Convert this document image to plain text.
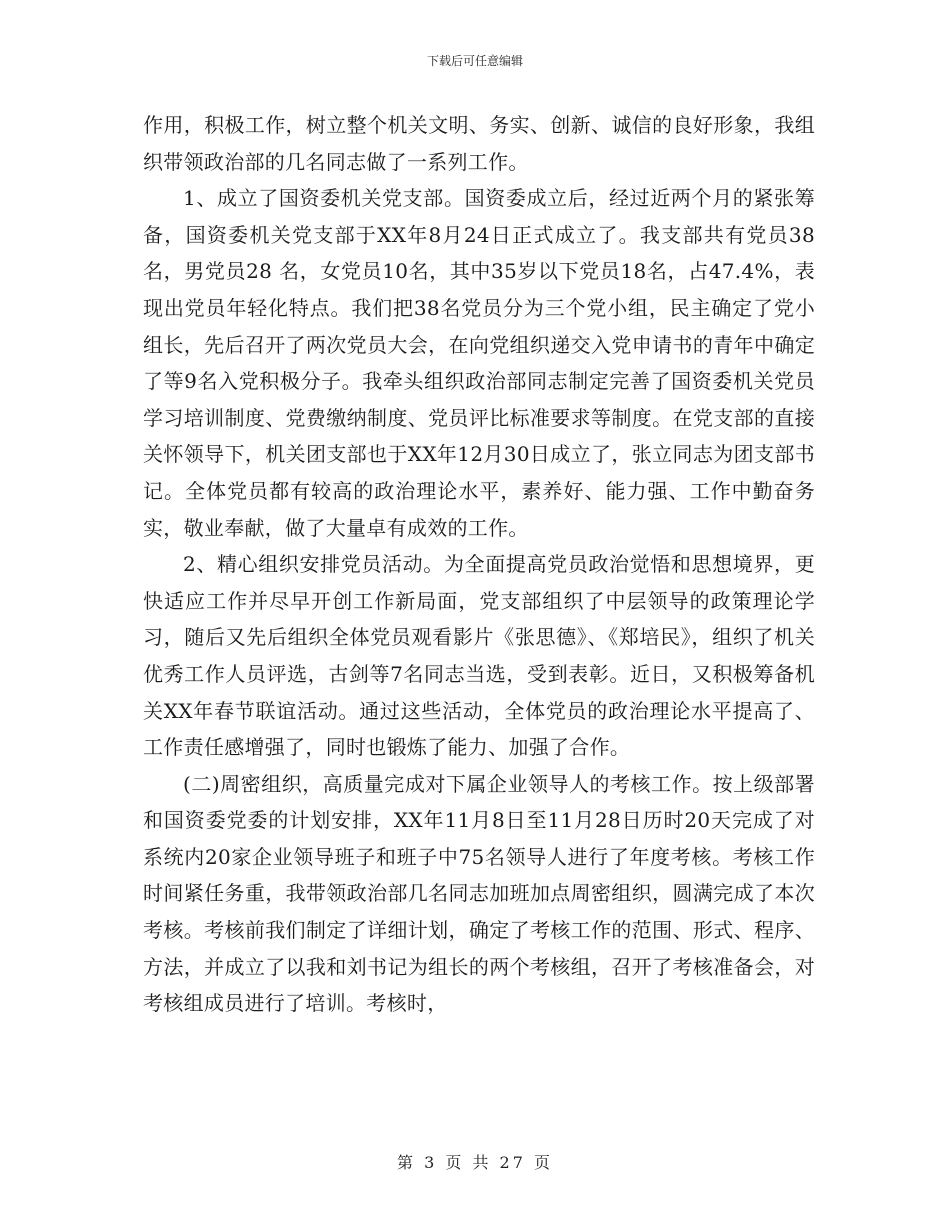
下载后可任意编辑

作用，积极工作，树立整个机关文明、务实、创新、诚信的良好形象，我组织带领政治部的几名同志做了一系列工作。

1、成立了国资委机关党支部。国资委成立后，经过近两个月的紧张筹备，国资委机关党支部于XX年8月24日正式成立了。我支部共有党员38名，男党员28 名，女党员10名，其中35岁以下党员18名，占47.4%，表现出党员年轻化特点。我们把38名党员分为三个党小组，民主确定了党小组长，先后召开了两次党员大会，在向党组织递交入党申请书的青年中确定了等9名入党积极分子。我牵头组织政治部同志制定完善了国资委机关党员学习培训制度、党费缴纳制度、党员评比标准要求等制度。在党支部的直接关怀领导下，机关团支部也于XX年12月30日成立了，张立同志为团支部书记。全体党员都有较高的政治理论水平，素养好、能力强、工作中勤奋务实，敬业奉献，做了大量卓有成效的工作。

2、精心组织安排党员活动。为全面提高党员政治觉悟和思想境界，更快适应工作并尽早开创工作新局面，党支部组织了中层领导的政策理论学习，随后又先后组织全体党员观看影片《张思德》、《郑培民》，组织了机关优秀工作人员评选，古剑等7名同志当选，受到表彰。近日，又积极筹备机关XX年春节联谊活动。通过这些活动，全体党员的政治理论水平提高了、工作责任感增强了，同时也锻炼了能力、加强了合作。

(二)周密组织，高质量完成对下属企业领导人的考核工作。按上级部署和国资委党委的计划安排，XX年11月8日至11月28日历时20天完成了对系统内20家企业领导班子和班子中75名领导人进行了年度考核。考核工作时间紧任务重，我带领政治部几名同志加班加点周密组织，圆满完成了本次考核。考核前我们制定了详细计划，确定了考核工作的范围、形式、程序、方法，并成立了以我和刘书记为组长的两个考核组，召开了考核准备会，对考核组成员进行了培训。考核时，

第 3 页 共 27 页
